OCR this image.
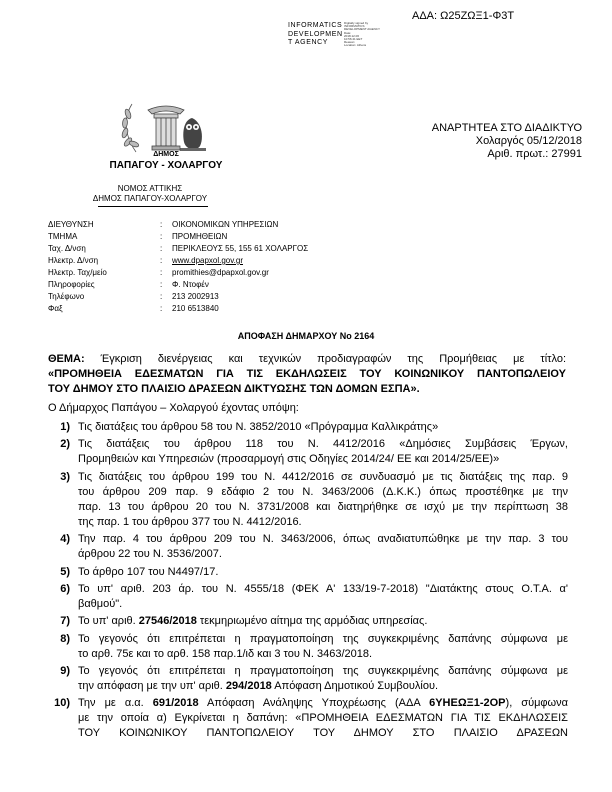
ΑΔΑ: Ω25ΖΩΞ1-Φ3Τ
INFORMATICS
DEVELOPMEN
T AGENCY
Digitally signed by
INFORMATICS
DEVELOPMENT AGENCY
Date:
2018.12.06
10:56:41 EET
Reason:
Location: Athens
ΔΗΜΟΣ
ΠΑΠΑΓΟΥ - ΧΟΛΑΡΓΟΥ
ΑΝΑΡΤΗΤΕΑ ΣΤΟ ΔΙΑΔΙΚΤΥΟ
Χολαργός 05/12/2018
Αριθ. πρωτ.: 27991
ΝΟΜΟΣ ΑΤΤΙΚΗΣ
ΔΗΜΟΣ ΠΑΠΑΓΟΥ-ΧΟΛΑΡΓΟΥ
ΔΙΕΥΘΥΝΣΗ	: ΟΙΚΟΝΟΜΙΚΩΝ ΥΠΗΡΕΣΙΩΝ
ΤΜΗΜΑ	: ΠΡΟΜΗΘΕΙΩΝ
Ταχ. Δ/νση	: ΠΕΡΙΚΛΕΟΥΣ 55, 155 61 ΧΟΛΑΡΓΟΣ
Ηλεκτρ. Δ/νση	: www.dpapxol.gov.gr
Ηλεκτρ. Ταχ/μείο	: promithies@dpapxol.gov.gr
Πληροφορίες	: Φ. Ντοφέν
Τηλέφωνο	: 213 2002913
Φαξ	: 210 6513840
ΑΠΟΦΑΣΗ ΔΗΜΑΡΧΟΥ Νο 2164
ΘΕΜΑ: Έγκριση διενέργειας και τεχνικών προδιαγραφών της Προμήθειας με τίτλο:
«ΠΡΟΜΗΘΕΙΑ ΕΔΕΣΜΑΤΩΝ ΓΙΑ ΤΙΣ ΕΚΔΗΛΩΣΕΙΣ ΤΟΥ ΚΟΙΝΩΝΙΚΟΥ ΠΑΝΤΟΠΩΛΕΙΟΥ
ΤΟΥ ΔΗΜΟΥ ΣΤΟ ΠΛΑΙΣΙΟ ΔΡΑΣΕΩΝ ΔΙΚΤΥΩΣΗΣ ΤΩΝ ΔΟΜΩΝ ΕΣΠΑ».
Ο Δήμαρχος Παπάγου – Χολαργού έχοντας υπόψη:
1) Τις διατάξεις του άρθρου 58 του Ν. 3852/2010 «Πρόγραμμα Καλλικράτης»
2) Τις διατάξεις του άρθρου 118 του Ν. 4412/2016 «Δημόσιες Συμβάσεις Έργων,
Προμηθειών και Υπηρεσιών (προσαρμογή στις Οδηγίες 2014/24/ ΕΕ και 2014/25/ΕΕ)»
3) Τις διατάξεις του άρθρου 199 του Ν. 4412/2016 σε συνδυασμό με τις διατάξεις της παρ. 9
του άρθρου 209 παρ. 9 εδάφιο 2 του Ν. 3463/2006 (Δ.Κ.Κ.) όπως προστέθηκε με την
παρ. 13 του άρθρου 20 του Ν. 3731/2008 και διατηρήθηκε σε ισχύ με την περίπτωση 38
της παρ. 1 του άρθρου 377 του Ν. 4412/2016.
4) Την παρ. 4 του άρθρου 209 του Ν. 3463/2006, όπως αναδιατυπώθηκε με την παρ. 3 του
άρθρου 22 του Ν. 3536/2007.
5) Το άρθρο 107 του Ν4497/17.
6) Το υπ' αριθ. 203 άρ. του Ν. 4555/18 (ΦΕΚ Α' 133/19-7-2018) "Διατάκτης στους Ο.Τ.Α. α'
βαθμού".
7) Το υπ' αριθ. 27546/2018 τεκμηριωμένο αίτημα της αρμόδιας υπηρεσίας.
8) Το γεγονός ότι επιτρέπεται η πραγματοποίηση της συγκεκριμένης δαπάνης σύμφωνα με
το αρθ. 75ε και το αρθ. 158 παρ.1/ιδ και 3 του Ν. 3463/2018.
9) Το γεγονός ότι επιτρέπεται η πραγματοποίηση της συγκεκριμένης δαπάνης σύμφωνα με
την απόφαση με την υπ' αριθ. 294/2018 Απόφαση Δημοτικού Συμβουλίου.
10) Την με α.α. 691/2018 Απόφαση Ανάληψης Υποχρέωσης (ΑΔΑ 6ΥΗΕΩΞ1-2ΟΡ), σύμφωνα
με την οποία α) Εγκρίνεται η δαπάνη: «ΠΡΟΜΗΘΕΙΑ ΕΔΕΣΜΑΤΩΝ ΓΙΑ ΤΙΣ ΕΚΔΗΛΩΣΕΙΣ
ΤΟΥ ΚΟΙΝΩΝΙΚΟΥ ΠΑΝΤΟΠΩΛΕΙΟΥ ΤΟΥ ΔΗΜΟΥ ΣΤΟ ΠΛΑΙΣΙΟ ΔΡΑΣΕΩΝ
